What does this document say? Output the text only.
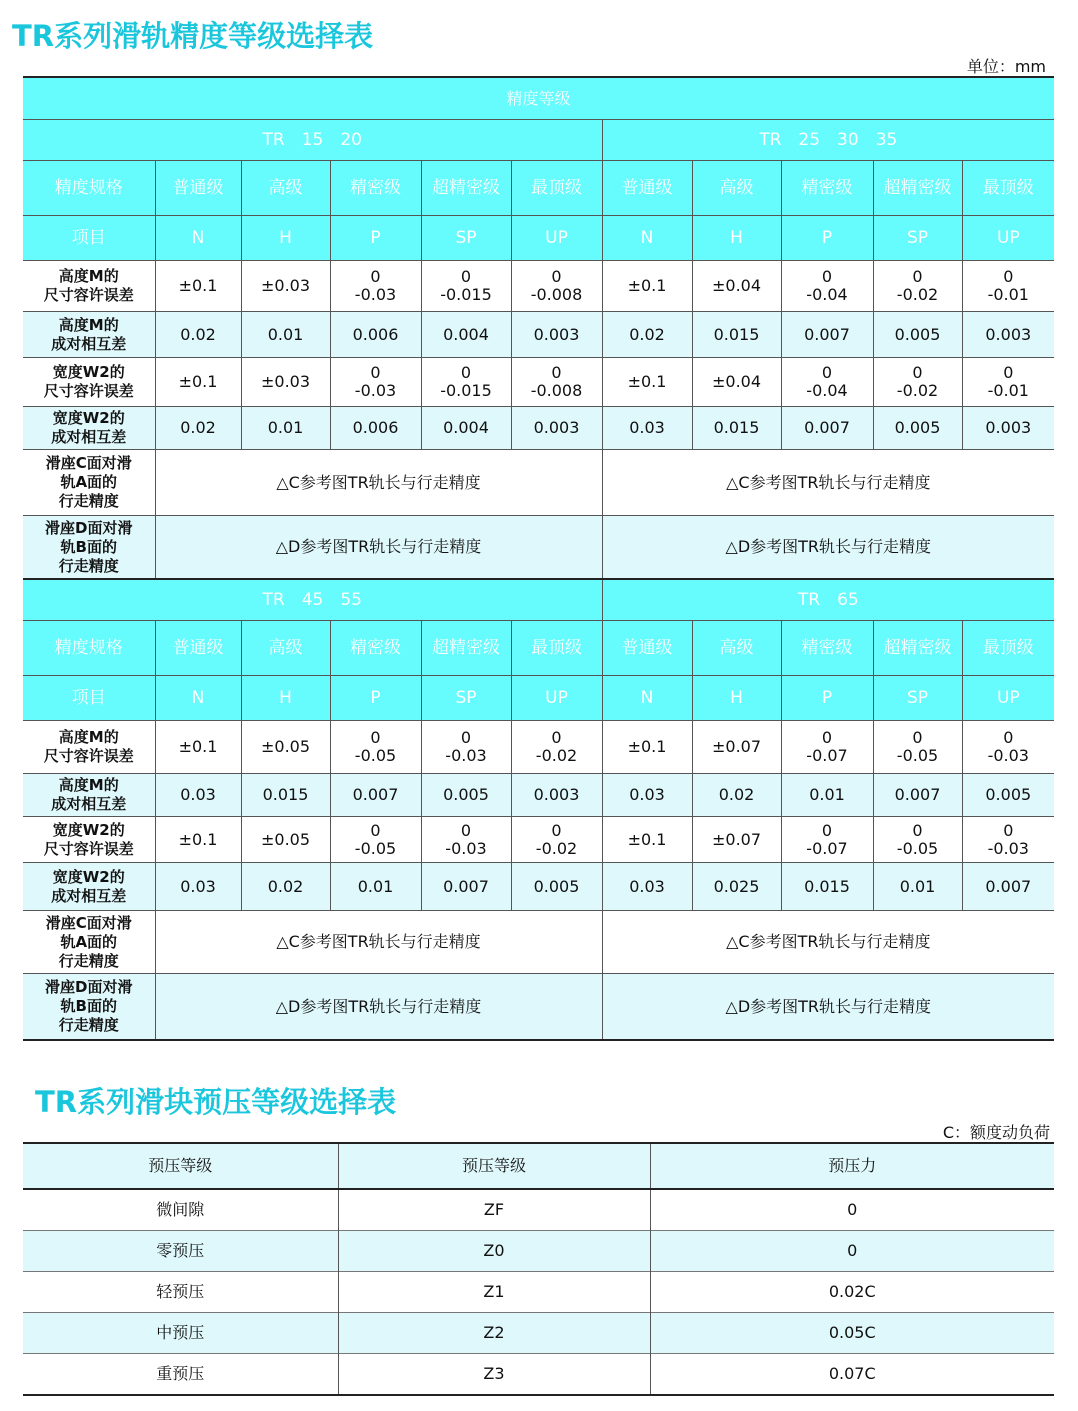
TR系列滑轨精度等级选择表
单位：mm
精度等级										
TR　15　20						TR　25　30　35				
精度规格	普通级	高级	精密级	超精密级	最顶级	普通级	高级	精密级	超精密级	最顶级
项目	N	H	P	SP	UP	N	H	P	SP	UP

高度M的
尺寸容许误差	±0.1	±0.03	0
-0.03	0
-0.015	0
-0.008	±0.1	±0.04	0
-0.04	0
-0.02	0
-0.01

高度M的
成对相互差	0.02	0.01	0.006	0.004	0.003	0.02	0.015	0.007	0.005	0.003

宽度W2的
尺寸容许误差	±0.1	±0.03	0
-0.03	0
-0.015	0
-0.008	±0.1	±0.04	0
-0.04	0
-0.02	0
-0.01

宽度W2的
成对相互差	0.02	0.01	0.006	0.004	0.003	0.03	0.015	0.007	0.005	0.003

滑座C面对滑
轨A面的
行走精度	△C参考图TR轨长与行走精度					△C参考图TR轨长与行走精度				

滑座D面对滑
轨B面的
行走精度	△D参考图TR轨长与行走精度					△D参考图TR轨长与行走精度				
TR　45　55						TR　65				
精度规格	普通级	高级	精密级	超精密级	最顶级	普通级	高级	精密级	超精密级	最顶级
项目	N	H	P	SP	UP	N	H	P	SP	UP

高度M的
尺寸容许误差	±0.1	±0.05	0
-0.05	0
-0.03	0
-0.02	±0.1	±0.07	0
-0.07	0
-0.05	0
-0.03

高度M的
成对相互差	0.03	0.015	0.007	0.005	0.003	0.03	0.02	0.01	0.007	0.005

宽度W2的
尺寸容许误差	±0.1	±0.05	0
-0.05	0
-0.03	0
-0.02	±0.1	±0.07	0
-0.07	0
-0.05	0
-0.03

宽度W2的
成对相互差	0.03	0.02	0.01	0.007	0.005	0.03	0.025	0.015	0.01	0.007

滑座C面对滑
轨A面的
行走精度	△C参考图TR轨长与行走精度					△C参考图TR轨长与行走精度				

滑座D面对滑
轨B面的
行走精度	△D参考图TR轨长与行走精度					△D参考图TR轨长与行走精度				
TR系列滑块预压等级选择表
C：额度动负荷
预压等级	预压等级	预压力
微间隙	ZF	0
零预压	Z0	0
轻预压	Z1	0.02C
中预压	Z2	0.05C
重预压	Z3	0.07C
